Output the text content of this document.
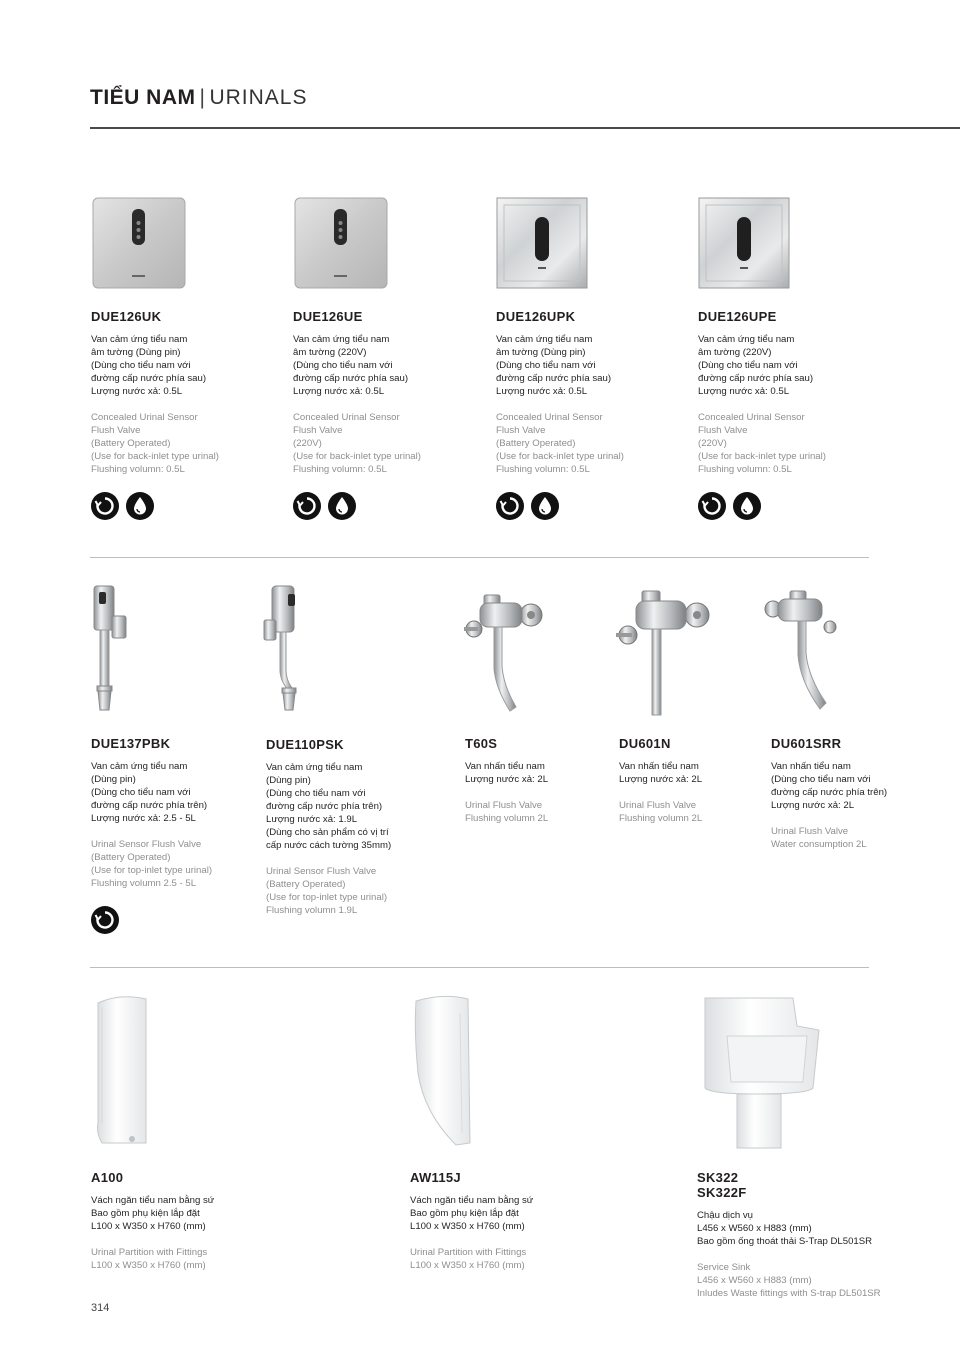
TIỂU NAM | URINALS
DUE126UK
Van cảm ứng tiểu nam
âm tường (Dùng pin)
(Dùng cho tiểu nam với
đường cấp nước phía sau)
Lượng nước xả: 0.5L
Concealed Urinal Sensor
Flush Valve
(Battery Operated)
(Use for back-inlet type urinal)
Flushing volumn: 0.5L
DUE126UE
Van cảm ứng tiểu nam
âm tường (220V)
(Dùng cho tiểu nam với
đường cấp nước phía sau)
Lượng nước xả: 0.5L
Concealed Urinal Sensor
Flush Valve
(220V)
(Use for back-inlet type urinal)
Flushing volumn: 0.5L
DUE126UPK
Van cảm ứng tiểu nam
âm tường (Dùng pin)
(Dùng cho tiểu nam với
đường cấp nước phía sau)
Lượng nước xả: 0.5L
Concealed Urinal Sensor
Flush Valve
(Battery Operated)
(Use for back-inlet type urinal)
Flushing volumn: 0.5L
DUE126UPE
Van cảm ứng tiểu nam
âm tường (220V)
(Dùng cho tiểu nam với
đường cấp nước phía sau)
Lượng nước xả: 0.5L
Concealed Urinal Sensor
Flush Valve
(220V)
(Use for back-inlet type urinal)
Flushing volumn: 0.5L
DUE137PBK
Van cảm ứng tiểu nam
(Dùng pin)
(Dùng cho tiểu nam với
đường cấp nước phía trên)
Lượng nước xả: 2.5 - 5L
Urinal Sensor Flush Valve
(Battery Operated)
(Use for top-inlet type urinal)
Flushing volumn 2.5 - 5L
DUE110PSK
Van cảm ứng tiểu nam
(Dùng pin)
(Dùng cho tiểu nam với
đường cấp nước phía trên)
Lượng nước xả: 1.9L
(Dùng cho sản phẩm có vị trí
cấp nước cách tường 35mm)
Urinal Sensor Flush Valve
(Battery Operated)
(Use for top-inlet type urinal)
Flushing volumn 1.9L
T60S
Van nhấn tiểu nam
Lượng nước xả: 2L
Urinal Flush Valve
Flushing volumn 2L
DU601N
Van nhấn tiểu nam
Lượng nước xả: 2L
Urinal Flush Valve
Flushing volumn 2L
DU601SRR
Van nhấn tiểu nam
(Dùng cho tiểu nam với
đường cấp nước phía trên)
Lượng nước xả: 2L
Urinal Flush Valve
Water consumption 2L
A100
Vách ngăn tiểu nam bằng sứ
Bao gồm phụ kiện lắp đặt
L100 x W350 x H760 (mm)
Urinal Partition with Fittings
L100 x W350 x H760 (mm)
AW115J
Vách ngăn tiểu nam bằng sứ
Bao gồm phụ kiện lắp đặt
L100 x W350 x H760 (mm)
Urinal Partition with Fittings
L100 x W350 x H760 (mm)
SK322
SK322F
Chậu dịch vụ
L456 x W560 x H883 (mm)
Bao gồm ống thoát thải S-Trap DL501SR
Service Sink
L456 x W560 x H883 (mm)
Inludes Waste fittings with S-trap DL501SR
314
